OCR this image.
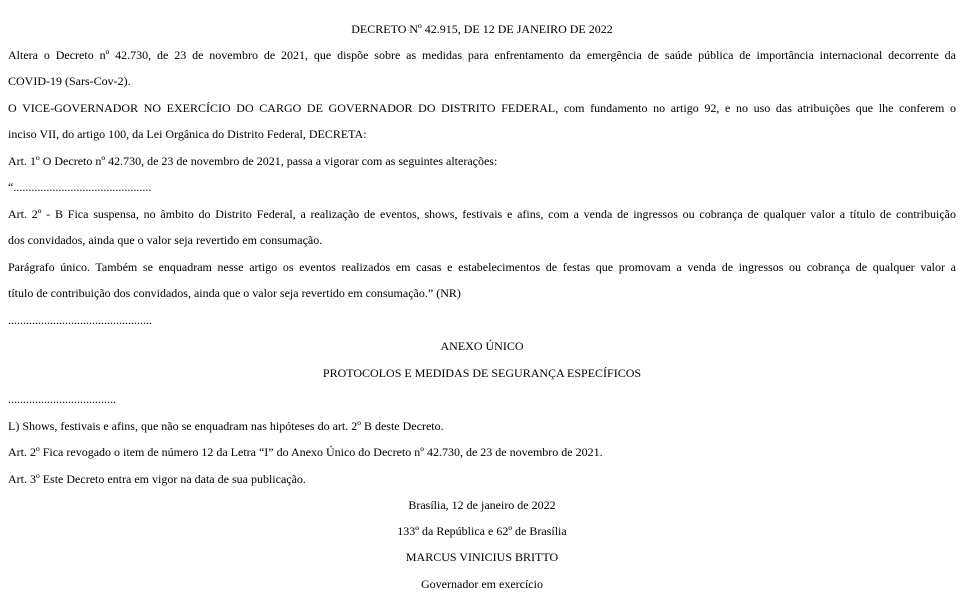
DECRETO Nº 42.915, DE 12 DE JANEIRO DE 2022
Altera o Decreto nº 42.730, de 23 de novembro de 2021, que dispõe sobre as medidas para enfrentamento da emergência de saúde pública de importância internacional decorrente da
COVID-19 (Sars-Cov-2).
O VICE-GOVERNADOR NO EXERCÍCIO DO CARGO DE GOVERNADOR DO DISTRITO FEDERAL, com fundamento no artigo 92, e no uso das atribuições que lhe conferem o
inciso VII, do artigo 100, da Lei Orgânica do Distrito Federal, DECRETA:
Art. 1º O Decreto nº 42.730, de 23 de novembro de 2021, passa a vigorar com as seguintes alterações:
“..............................................
Art. 2º - B Fica suspensa, no âmbito do Distrito Federal, a realização de eventos, shows, festivais e afins, com a venda de ingressos ou cobrança de qualquer valor a título de contribuição
dos convidados, ainda que o valor seja revertido em consumação.
Parágrafo único. Também se enquadram nesse artigo os eventos realizados em casas e estabelecimentos de festas que promovam a venda de ingressos ou cobrança de qualquer valor a
título de contribuição dos convidados, ainda que o valor seja revertido em consumação.” (NR)
................................................
ANEXO ÚNICO
PROTOCOLOS E MEDIDAS DE SEGURANÇA ESPECÍFICOS
....................................
L) Shows, festivais e afins, que não se enquadram nas hipóteses do art. 2º B deste Decreto.
Art. 2º Fica revogado o item de número 12 da Letra “I” do Anexo Único do Decreto nº 42.730, de 23 de novembro de 2021.
Art. 3º Este Decreto entra em vigor na data de sua publicação.
Brasília, 12 de janeiro de 2022
133º da República e 62º de Brasília
MARCUS VINICIUS BRITTO
Governador em exercício
